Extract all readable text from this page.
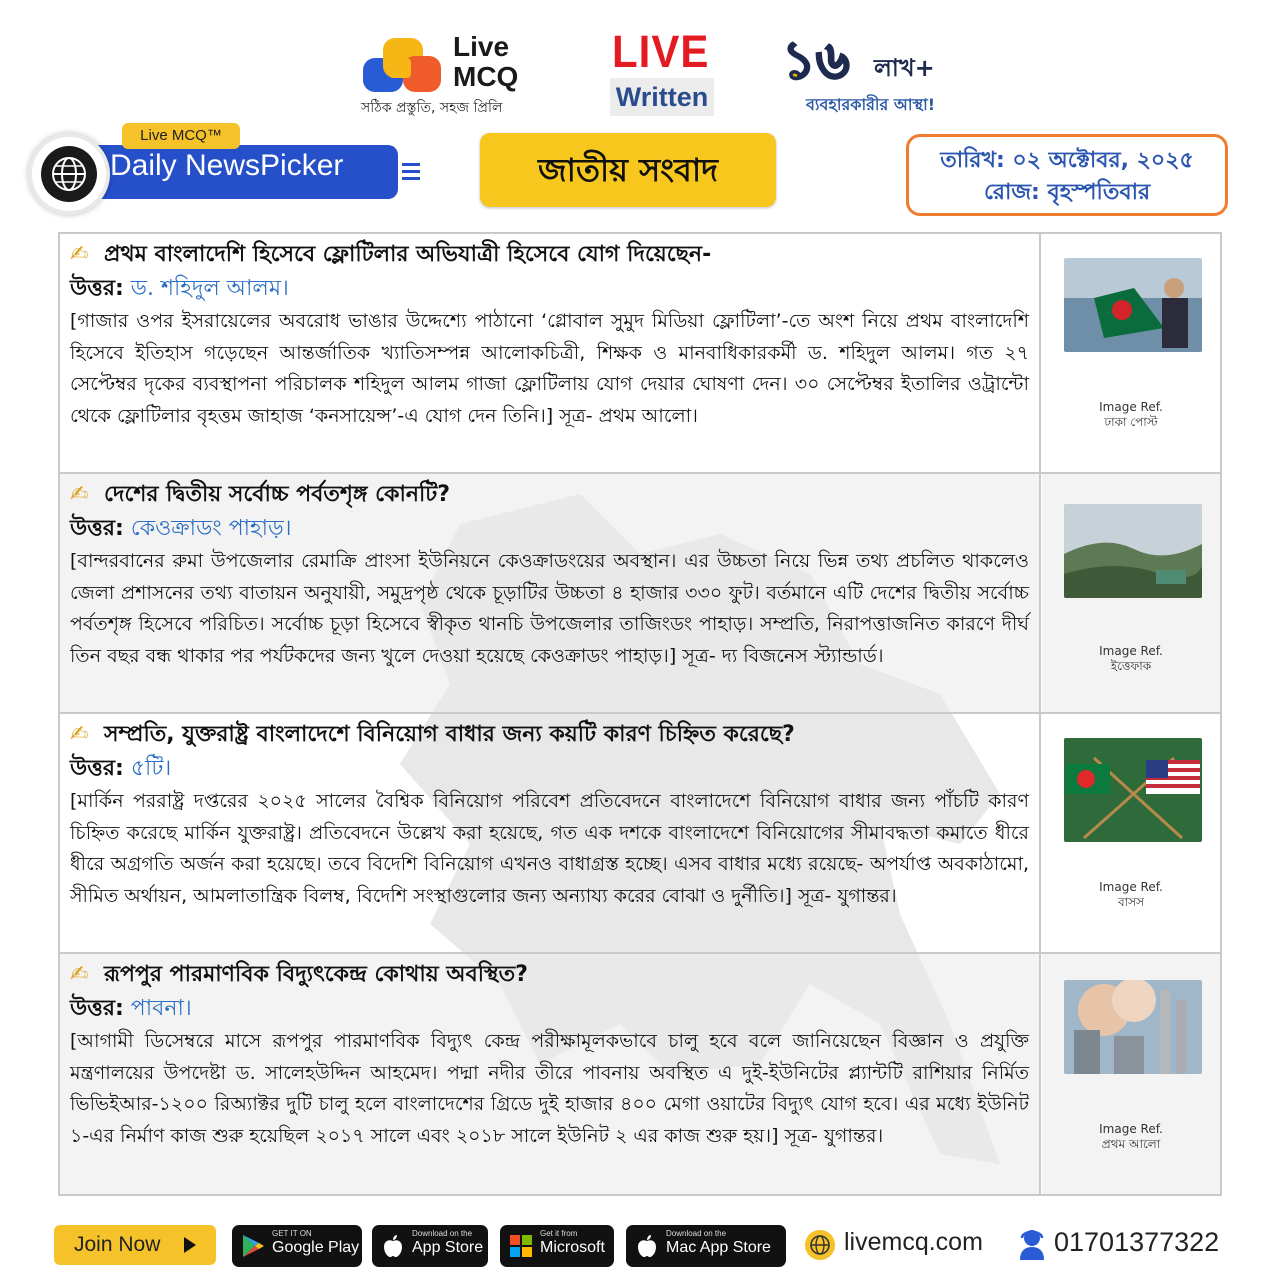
Live
MCQ
সঠিক প্রস্তুতি, সহজ প্রিলি
LIVE
Written
১৬ লাখ+
ব্যবহারকারীর আস্থা!
Live MCQ™
Daily NewsPicker	জাতীয় সংবাদ	তারিখ: ০২ অক্টোবর, ২০২৫
রোজ: বৃহস্পতিবার
✍ প্রথম বাংলাদেশি হিসেবে ফ্লোটিলার অভিযাত্রী হিসেবে যোগ দিয়েছেন-
উত্তর: ড. শহিদুল আলম।
[গাজার ওপর ইসরায়েলের অবরোধ ভাঙার উদ্দেশ্যে পাঠানো ‘গ্লোবাল সুমুদ মিডিয়া ফ্লোটিলা’-তে অংশ নিয়ে প্রথম বাংলাদেশি হিসেবে ইতিহাস গড়েছেন আন্তর্জাতিক খ্যাতিসম্পন্ন আলোকচিত্রী, শিক্ষক ও মানবাধিকারকর্মী ড. শহিদুল আলম। গত ২৭ সেপ্টেম্বর দৃকের ব্যবস্থাপনা পরিচালক শহিদুল আলম গাজা ফ্লোটিলায় যোগ দেয়ার ঘোষণা দেন। ৩০ সেপ্টেম্বর ইতালির ওট্রান্টো থেকে ফ্লোটিলার বৃহত্তম জাহাজ ‘কনসায়েন্স’-এ যোগ দেন তিনি।] সূত্র- প্রথম আলো।	Image Ref.
ঢাকা পোস্ট
✍ দেশের দ্বিতীয় সর্বোচ্চ পর্বতশৃঙ্গ কোনটি?
উত্তর: কেওক্রাডং পাহাড়।
[বান্দরবানের রুমা উপজেলার রেমাক্রি প্রাংসা ইউনিয়নে কেওক্রাডংয়ের অবস্থান। এর উচ্চতা নিয়ে ভিন্ন তথ্য প্রচলিত থাকলেও জেলা প্রশাসনের তথ্য বাতায়ন অনুযায়ী, সমুদ্রপৃষ্ঠ থেকে চূড়াটির উচ্চতা ৪ হাজার ৩৩০ ফুট। বর্তমানে এটি দেশের দ্বিতীয় সর্বোচ্চ পর্বতশৃঙ্গ হিসেবে পরিচিত। সর্বোচ্চ চূড়া হিসেবে স্বীকৃত থানচি উপজেলার তাজিংডং পাহাড়। সম্প্রতি, নিরাপত্তাজনিত কারণে দীর্ঘ তিন বছর বন্ধ থাকার পর পর্যটকদের জন্য খুলে দেওয়া হয়েছে কেওক্রাডং পাহাড়।] সূত্র- দ্য বিজনেস স্ট্যান্ডার্ড।	Image Ref.
ইত্তেফাক
✍ সম্প্রতি, যুক্তরাষ্ট্র বাংলাদেশে বিনিয়োগ বাধার জন্য কয়টি কারণ চিহ্নিত করেছে?
উত্তর: ৫টি।
[মার্কিন পররাষ্ট্র দপ্তরের ২০২৫ সালের বৈশ্বিক বিনিয়োগ পরিবেশ প্রতিবেদনে বাংলাদেশে বিনিয়োগ বাধার জন্য পাঁচটি কারণ চিহ্নিত করেছে মার্কিন যুক্তরাষ্ট্র। প্রতিবেদনে উল্লেখ করা হয়েছে, গত এক দশকে বাংলাদেশে বিনিয়োগের সীমাবদ্ধতা কমাতে ধীরে ধীরে অগ্রগতি অর্জন করা হয়েছে। তবে বিদেশি বিনিয়োগ এখনও বাধাগ্রস্ত হচ্ছে। এসব বাধার মধ্যে রয়েছে- অপর্যাপ্ত অবকাঠামো, সীমিত অর্থায়ন, আমলাতান্ত্রিক বিলম্ব, বিদেশি সংস্থাগুলোর জন্য অন্যায্য করের বোঝা ও দুর্নীতি।] সূত্র- যুগান্তর।	Image Ref.
বাসস
✍ রূপপুর পারমাণবিক বিদ্যুৎকেন্দ্র কোথায় অবস্থিত?
উত্তর: পাবনা।
[আগামী ডিসেম্বরে মাসে রূপপুর পারমাণবিক বিদ্যুৎ কেন্দ্র পরীক্ষামূলকভাবে চালু হবে বলে জানিয়েছেন বিজ্ঞান ও প্রযুক্তি মন্ত্রণালয়ের উপদেষ্টা ড. সালেহউদ্দিন আহমেদ। পদ্মা নদীর তীরে পাবনায় অবস্থিত এ দুই-ইউনিটের প্ল্যান্টটি রাশিয়ার নির্মিত ভিভিইআর-১২০০ রিঅ্যাক্টর দুটি চালু হলে বাংলাদেশের গ্রিডে দুই হাজার ৪০০ মেগা ওয়াটের বিদ্যুৎ যোগ হবে। এর মধ্যে ইউনিট ১-এর নির্মাণ কাজ শুরু হয়েছিল ২০১৭ সালে এবং ২০১৮ সালে ইউনিট ২ এর কাজ শুরু হয়।] সূত্র- যুগান্তর।	Image Ref.
প্রথম আলো
Join Now	GET IT ON
Google Play
Download on the
App Store
Get it from
Microsoft
Download on the
Mac App Store	livemcq.com	01701377322
